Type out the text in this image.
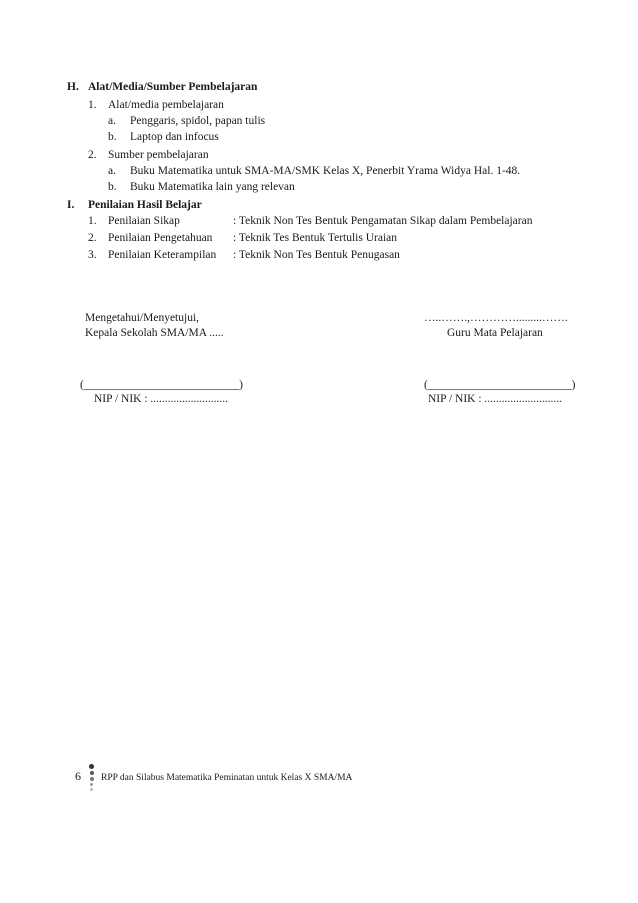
H. Alat/Media/Sumber Pembelajaran
1. Alat/media pembelajaran
a. Penggaris, spidol, papan tulis
b. Laptop dan infocus
2. Sumber pembelajaran
a. Buku Matematika untuk SMA-MA/SMK Kelas X, Penerbit Yrama Widya Hal. 1-48.
b. Buku Matematika lain yang relevan
I. Penilaian Hasil Belajar
1. Penilaian Sikap	: Teknik Non Tes Bentuk Pengamatan Sikap dalam Pembelajaran
2. Penilaian Pengetahuan : Teknik Tes Bentuk Tertulis Uraian
3. Penilaian Keterampilan : Teknik Non Tes Bentuk Penugasan
Mengetahui/Menyetujui,
Kepala Sekolah SMA/MA .....
…..…….,………….........…….
Guru Mata Pelajaran
(___________________________)
NIP / NIK : ...........................
(_________________________)
NIP / NIK : ...........................
6 RPP dan Silabus Matematika Peminatan untuk Kelas X SMA/MA
